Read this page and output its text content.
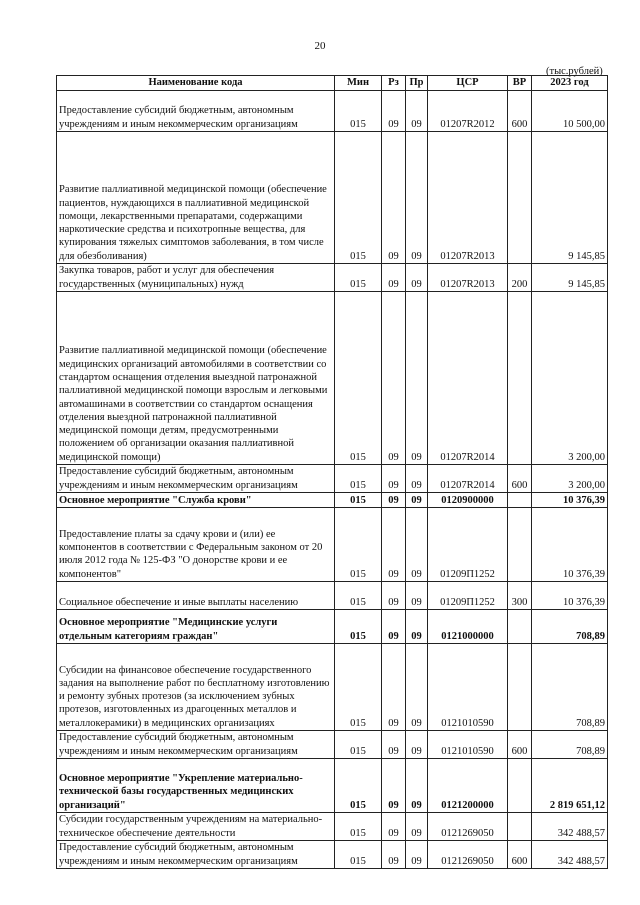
20
(тыс.рублей)
Наименование кода	Мин	Рз	Пр	ЦСР	ВР	2023 год
Предоставление субсидий бюджетным, автономным учреждениям и иным некоммерческим организациям	015	09	09	01207R2012	600	10 500,00
Развитие паллиативной медицинской помощи (обеспечение пациентов, нуждающихся в паллиативной медицинской помощи, лекарственными препаратами, содержащими наркотические средства и психотропные вещества, для купирования тяжелых симптомов заболевания, в том числе для обезболивания)	015	09	09	01207R2013		9 145,85
Закупка товаров, работ и услуг для обеспечения государственных (муниципальных) нужд	015	09	09	01207R2013	200	9 145,85
Развитие паллиативной медицинской помощи (обеспечение медицинских организаций автомобилями в соответствии со стандартом оснащения отделения выездной патронажной паллиативной медицинской помощи взрослым и легковыми автомашинами в соответствии со стандартом оснащения отделения выездной патронажной паллиативной медицинской помощи детям, предусмотренными положением об организации оказания паллиативной медицинской помощи)	015	09	09	01207R2014		3 200,00
Предоставление субсидий бюджетным, автономным учреждениям и иным некоммерческим организациям	015	09	09	01207R2014	600	3 200,00
Основное мероприятие "Служба крови"	015	09	09	0120900000		10 376,39
Предоставление платы за сдачу крови и (или) ее компонентов в соответствии с Федеральным законом от 20 июля 2012 года № 125-ФЗ "О донорстве крови и ее компонентов"	015	09	09	01209П1252		10 376,39
Социальное обеспечение и иные выплаты населению	015	09	09	01209П1252	300	10 376,39
Основное мероприятие "Медицинские услуги отдельным категориям граждан"	015	09	09	0121000000		708,89
Субсидии на финансовое обеспечение государственного задания на выполнение работ по бесплатному изготовлению и ремонту зубных протезов (за исключением зубных протезов, изготовленных из драгоценных металлов и металлокерамики) в медицинских организациях	015	09	09	0121010590		708,89
Предоставление субсидий бюджетным, автономным учреждениям и иным некоммерческим организациям	015	09	09	0121010590	600	708,89
Основное мероприятие "Укрепление материально-технической базы государственных медицинских организаций"	015	09	09	0121200000		2 819 651,12
Субсидии государственным учреждениям на материально-техническое обеспечение деятельности	015	09	09	0121269050		342 488,57
Предоставление субсидий бюджетным, автономным учреждениям и иным некоммерческим организациям	015	09	09	0121269050	600	342 488,57
